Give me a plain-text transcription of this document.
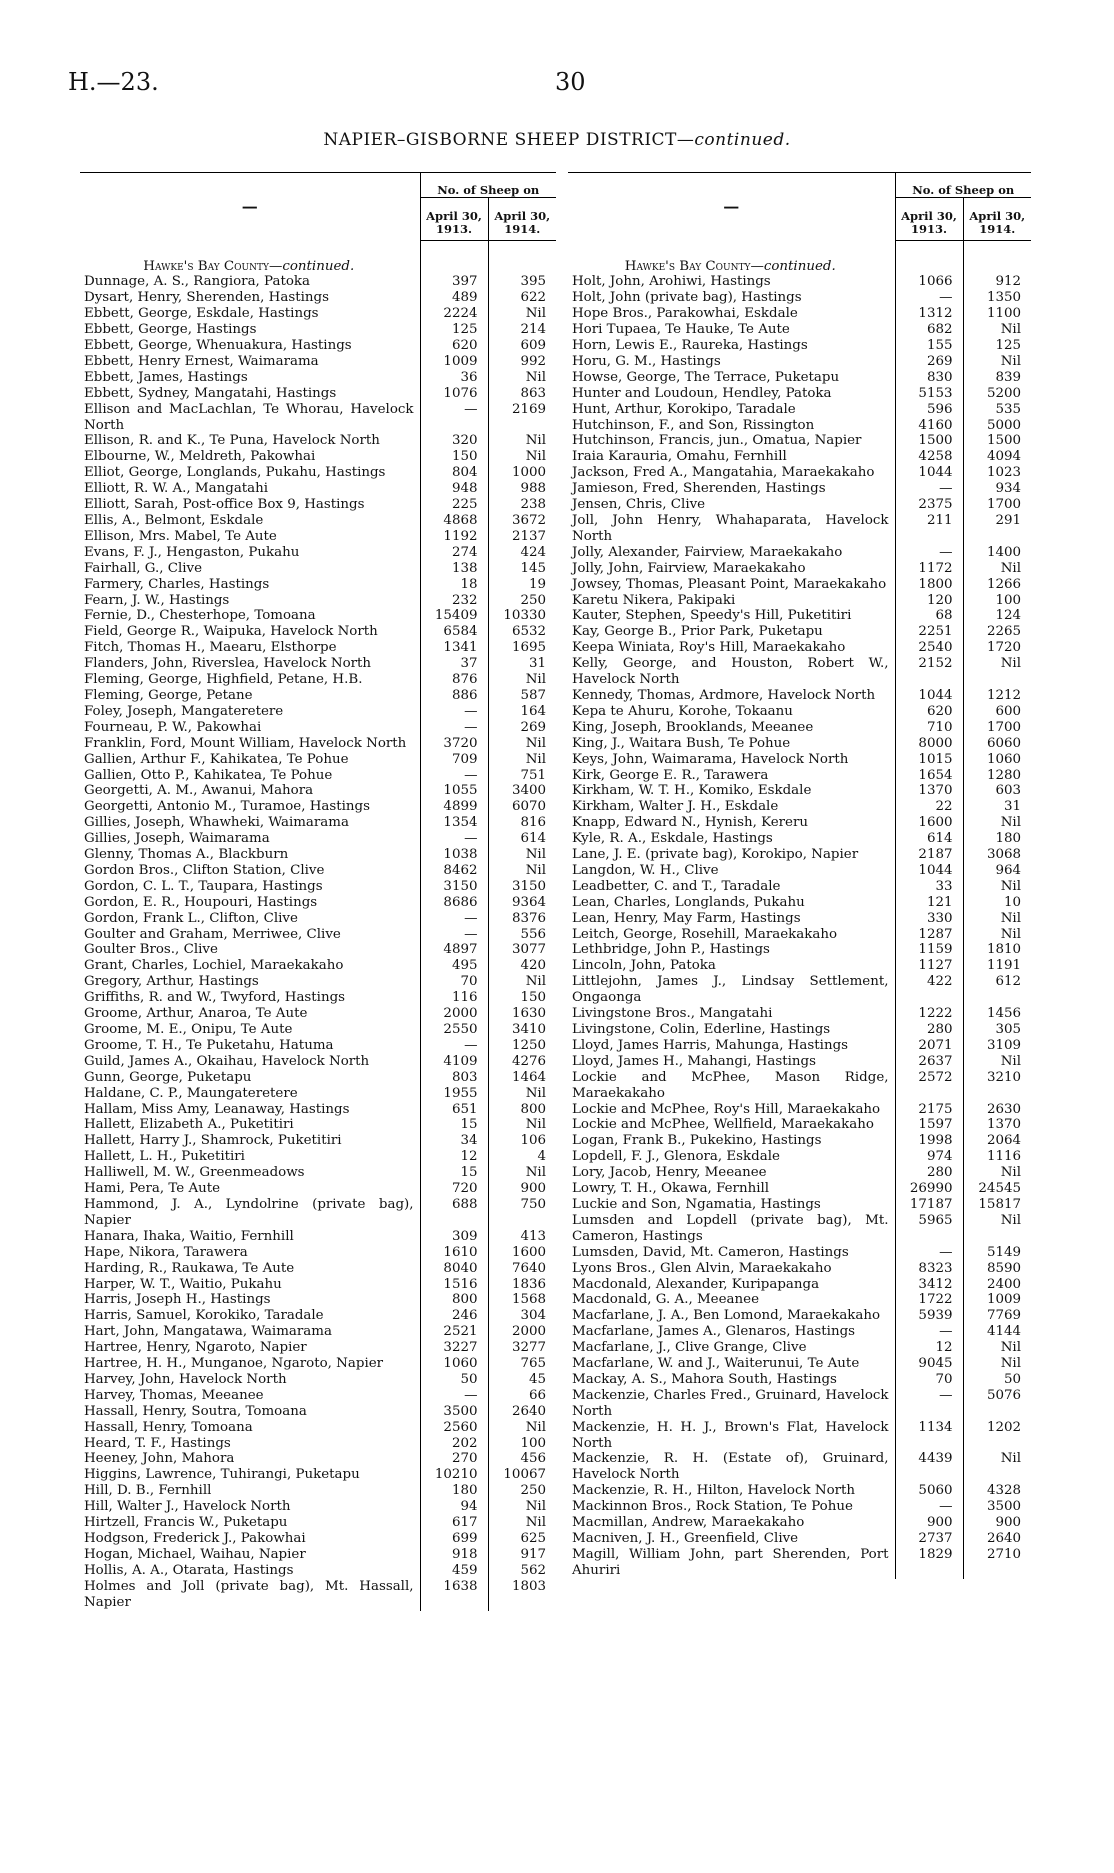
H.—23.	30
NAPIER–GISBORNE SHEEP DISTRICT—continued.
—	No. of Sheep on	
	April 30, 1913.	April 30, 1914.
Hawke's Bay County—continued.		
Dunnage, A. S., Rangiora, Patoka	397	395
Dysart, Henry, Sherenden, Hastings	489	622
Ebbett, George, Eskdale, Hastings	2224	Nil
Ebbett, George, Hastings	125	214
Ebbett, George, Whenuakura, Hastings	620	609
Ebbett, Henry Ernest, Waimarama	1009	992
Ebbett, James, Hastings	36	Nil
Ebbett, Sydney, Mangatahi, Hastings	1076	863
Ellison and MacLachlan, Te Whorau, Havelock North	—	2169
Ellison, R. and K., Te Puna, Havelock North	320	Nil
Elbourne, W., Meldreth, Pakowhai	150	Nil
Elliot, George, Longlands, Pukahu, Hastings	804	1000
Elliott, R. W. A., Mangatahi	948	988
Elliott, Sarah, Post-office Box 9, Hastings	225	238
Ellis, A., Belmont, Eskdale	4868	3672
Ellison, Mrs. Mabel, Te Aute	1192	2137
Evans, F. J., Hengaston, Pukahu	274	424
Fairhall, G., Clive	138	145
Farmery, Charles, Hastings	18	19
Fearn, J. W., Hastings	232	250
Fernie, D., Chesterhope, Tomoana	15409	10330
Field, George R., Waipuka, Havelock North	6584	6532
Fitch, Thomas H., Maearu, Elsthorpe	1341	1695
Flanders, John, Riverslea, Havelock North	37	31
Fleming, George, Highfield, Petane, H.B.	876	Nil
Fleming, George, Petane	886	587
Foley, Joseph, Mangateretere	—	164
Fourneau, P. W., Pakowhai	—	269
Franklin, Ford, Mount William, Havelock North	3720	Nil
Gallien, Arthur F., Kahikatea, Te Pohue	709	Nil
Gallien, Otto P., Kahikatea, Te Pohue	—	751
Georgetti, A. M., Awanui, Mahora	1055	3400
Georgetti, Antonio M., Turamoe, Hastings	4899	6070
Gillies, Joseph, Whawheki, Waimarama	1354	816
Gillies, Joseph, Waimarama	—	614
Glenny, Thomas A., Blackburn	1038	Nil
Gordon Bros., Clifton Station, Clive	8462	Nil
Gordon, C. L. T., Taupara, Hastings	3150	3150
Gordon, E. R., Houpouri, Hastings	8686	9364
Gordon, Frank L., Clifton, Clive	—	8376
Goulter and Graham, Merriwee, Clive	—	556
Goulter Bros., Clive	4897	3077
Grant, Charles, Lochiel, Maraekakaho	495	420
Gregory, Arthur, Hastings	70	Nil
Griffiths, R. and W., Twyford, Hastings	116	150
Groome, Arthur, Anaroa, Te Aute	2000	1630
Groome, M. E., Onipu, Te Aute	2550	3410
Groome, T. H., Te Puketahu, Hatuma	—	1250
Guild, James A., Okaihau, Havelock North	4109	4276
Gunn, George, Puketapu	803	1464
Haldane, C. P., Maungateretere	1955	Nil
Hallam, Miss Amy, Leanaway, Hastings	651	800
Hallett, Elizabeth A., Puketitiri	15	Nil
Hallett, Harry J., Shamrock, Puketitiri	34	106
Hallett, L. H., Puketitiri	12	4
Halliwell, M. W., Greenmeadows	15	Nil
Hami, Pera, Te Aute	720	900
Hammond, J. A., Lyndolrine (private bag), Napier	688	750
Hanara, Ihaka, Waitio, Fernhill	309	413
Hape, Nikora, Tarawera	1610	1600
Harding, R., Raukawa, Te Aute	8040	7640
Harper, W. T., Waitio, Pukahu	1516	1836
Harris, Joseph H., Hastings	800	1568
Harris, Samuel, Korokiko, Taradale	246	304
Hart, John, Mangatawa, Waimarama	2521	2000
Hartree, Henry, Ngaroto, Napier	3227	3277
Hartree, H. H., Munganoe, Ngaroto, Napier	1060	765
Harvey, John, Havelock North	50	45
Harvey, Thomas, Meeanee	—	66
Hassall, Henry, Soutra, Tomoana	3500	2640
Hassall, Henry, Tomoana	2560	Nil
Heard, T. F., Hastings	202	100
Heeney, John, Mahora	270	456
Higgins, Lawrence, Tuhirangi, Puketapu	10210	10067
Hill, D. B., Fernhill	180	250
Hill, Walter J., Havelock North	94	Nil
Hirtzell, Francis W., Puketapu	617	Nil
Hodgson, Frederick J., Pakowhai	699	625
Hogan, Michael, Waihau, Napier	918	917
Hollis, A. A., Otarata, Hastings	459	562
Holmes and Joll (private bag), Mt. Hassall, Napier	1638	1803
—	No. of Sheep on	
	April 30, 1913.	April 30, 1914.
Hawke's Bay County—continued.		
Holt, John, Arohiwi, Hastings	1066	912
Holt, John (private bag), Hastings	—	1350
Hope Bros., Parakowhai, Eskdale	1312	1100
Hori Tupaea, Te Hauke, Te Aute	682	Nil
Horn, Lewis E., Raureka, Hastings	155	125
Horu, G. M., Hastings	269	Nil
Howse, George, The Terrace, Puketapu	830	839
Hunter and Loudoun, Hendley, Patoka	5153	5200
Hunt, Arthur, Korokipo, Taradale	596	535
Hutchinson, F., and Son, Rissington	4160	5000
Hutchinson, Francis, jun., Omatua, Napier	1500	1500
Iraia Karauria, Omahu, Fernhill	4258	4094
Jackson, Fred A., Mangatahia, Maraekakaho	1044	1023
Jamieson, Fred, Sherenden, Hastings	—	934
Jensen, Chris, Clive	2375	1700
Joll, John Henry, Whahaparata, Havelock North	211	291
Jolly, Alexander, Fairview, Maraekakaho	—	1400
Jolly, John, Fairview, Maraekakaho	1172	Nil
Jowsey, Thomas, Pleasant Point, Maraekakaho	1800	1266
Karetu Nikera, Pakipaki	120	100
Kauter, Stephen, Speedy's Hill, Puketitiri	68	124
Kay, George B., Prior Park, Puketapu	2251	2265
Keepa Winiata, Roy's Hill, Maraekakaho	2540	1720
Kelly, George, and Houston, Robert W., Havelock North	2152	Nil
Kennedy, Thomas, Ardmore, Havelock North	1044	1212
Kepa te Ahuru, Korohe, Tokaanu	620	600
King, Joseph, Brooklands, Meeanee	710	1700
King, J., Waitara Bush, Te Pohue	8000	6060
Keys, John, Waimarama, Havelock North	1015	1060
Kirk, George E. R., Tarawera	1654	1280
Kirkham, W. T. H., Komiko, Eskdale	1370	603
Kirkham, Walter J. H., Eskdale	22	31
Knapp, Edward N., Hynish, Kereru	1600	Nil
Kyle, R. A., Eskdale, Hastings	614	180
Lane, J. E. (private bag), Korokipo, Napier	2187	3068
Langdon, W. H., Clive	1044	964
Leadbetter, C. and T., Taradale	33	Nil
Lean, Charles, Longlands, Pukahu	121	10
Lean, Henry, May Farm, Hastings	330	Nil
Leitch, George, Rosehill, Maraekakaho	1287	Nil
Lethbridge, John P., Hastings	1159	1810
Lincoln, John, Patoka	1127	1191
Littlejohn, James J., Lindsay Settlement, Ongaonga	422	612
Livingstone Bros., Mangatahi	1222	1456
Livingstone, Colin, Ederline, Hastings	280	305
Lloyd, James Harris, Mahunga, Hastings	2071	3109
Lloyd, James H., Mahangi, Hastings	2637	Nil
Lockie and McPhee, Mason Ridge, Maraekakaho	2572	3210
Lockie and McPhee, Roy's Hill, Maraekakaho	2175	2630
Lockie and McPhee, Wellfield, Maraekakaho	1597	1370
Logan, Frank B., Pukekino, Hastings	1998	2064
Lopdell, F. J., Glenora, Eskdale	974	1116
Lory, Jacob, Henry, Meeanee	280	Nil
Lowry, T. H., Okawa, Fernhill	26990	24545
Luckie and Son, Ngamatia, Hastings	17187	15817
Lumsden and Lopdell (private bag), Mt. Cameron, Hastings	5965	Nil
Lumsden, David, Mt. Cameron, Hastings	—	5149
Lyons Bros., Glen Alvin, Maraekakaho	8323	8590
Macdonald, Alexander, Kuripapanga	3412	2400
Macdonald, G. A., Meeanee	1722	1009
Macfarlane, J. A., Ben Lomond, Maraekakaho	5939	7769
Macfarlane, James A., Glenaros, Hastings	—	4144
Macfarlane, J., Clive Grange, Clive	12	Nil
Macfarlane, W. and J., Waiterunui, Te Aute	9045	Nil
Mackay, A. S., Mahora South, Hastings	70	50
Mackenzie, Charles Fred., Gruinard, Havelock North	—	5076
Mackenzie, H. H. J., Brown's Flat, Havelock North	1134	1202
Mackenzie, R. H. (Estate of), Gruinard, Havelock North	4439	Nil
Mackenzie, R. H., Hilton, Havelock North	5060	4328
Mackinnon Bros., Rock Station, Te Pohue	—	3500
Macmillan, Andrew, Maraekakaho	900	900
Macniven, J. H., Greenfield, Clive	2737	2640
Magill, William John, part Sherenden, Port Ahuriri	1829	2710
